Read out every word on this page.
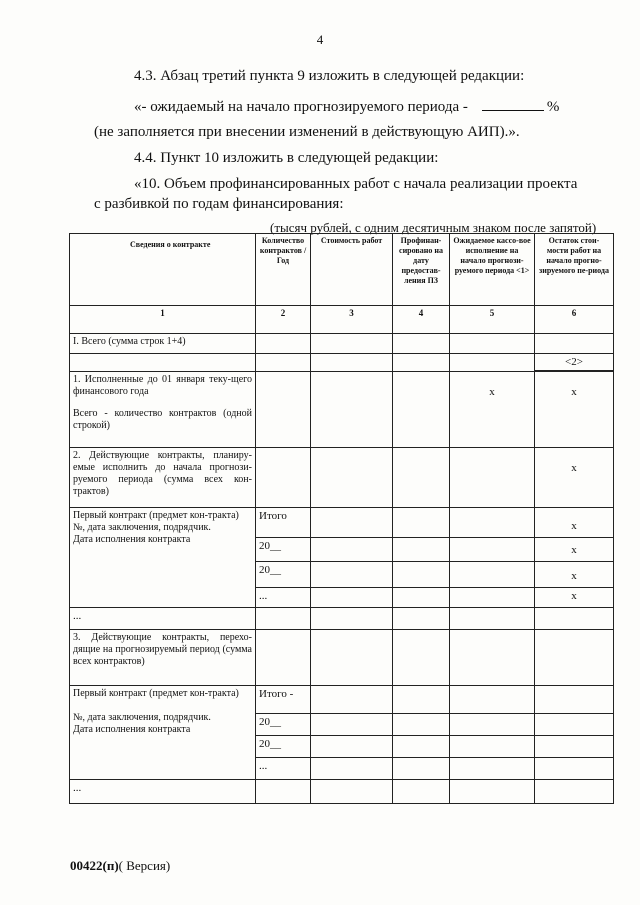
4
4.3. Абзац третий пункта 9 изложить в следующей редакции:
«- ожидаемый на начало прогнозируемого периода -	%
(не заполняется при внесении изменений в действующую АИП).».
4.4. Пункт 10 изложить в следующей редакции:
«10. Объем профинансированных работ с начала реализации проекта
с разбивкой по годам финансирования:
(тысяч рублей, с одним десятичным знаком после запятой)
Сведения о контракте	Количество контрактов /Год	Стоимость работ	Профинан-сировано на дату предостав-ления ПЗ	Ожидаемое кассо-вое исполнение на начало прогнози-руемого периода <1>	Остаток стои-мости работ на начало прогно-зируемого пе-риода
1	2	3	4	5	6
I. Всего (сумма строк 1+4)					
					<2>

1. Исполненные до 01 января теку-щего финансового года
Всего - количество контрактов (одной строкой)				x	x
2. Действующие контракты, планиру-емые исполнить до начала прогнози-руемого периода (сумма всех кон-трактов)					x

Первый контракт (предмет кон-тракта)
№, дата заключения, подрядчик.
Дата исполнения контракта	Итого				x
	20__				x
	20__				x
	...				x
...					
3. Действующие контракты, перехо-дящие на прогнозируемый период (сумма всех контрактов)					

Первый контракт (предмет кон-тракта)
№, дата заключения, подрядчик.
Дата исполнения контракта	Итого -				
	20__				
	20__				
	...				
...					
00422(п)( Версия)
